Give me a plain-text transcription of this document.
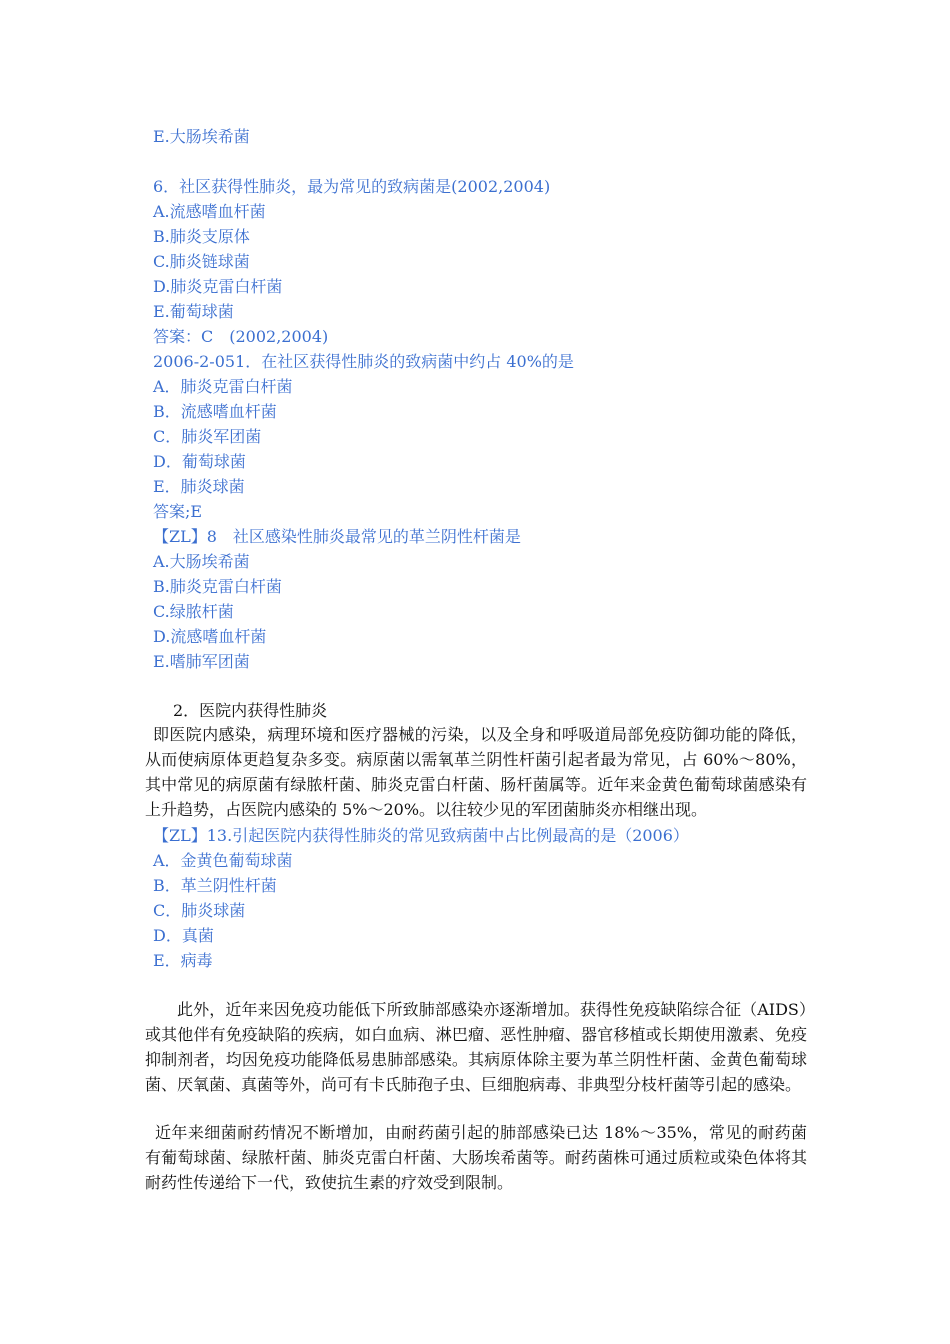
E.大肠埃希菌
6．社区获得性肺炎，最为常见的致病菌是(2002,2004)
A.流感嗜血杆菌
B.肺炎支原体
C.肺炎链球菌
D.肺炎克雷白杆菌
E.葡萄球菌
答案：C　(2002,2004)
2006-2-051．在社区获得性肺炎的致病菌中约占 40%的是
A．肺炎克雷白杆菌
B．流感嗜血杆菌
C．肺炎军团菌
D．葡萄球菌
E．肺炎球菌
答案;E
【ZL】8　社区感染性肺炎最常见的革兰阴性杆菌是
A.大肠埃希菌
B.肺炎克雷白杆菌
C.绿脓杆菌
D.流感嗜血杆菌
E.嗜肺军团菌
2．医院内获得性肺炎
即医院内感染，病理环境和医疗器械的污染，以及全身和呼吸道局部免疫防御功能的降低，从而使病原体更趋复杂多变。病原菌以需氧革兰阴性杆菌引起者最为常见，占 60%～80%，其中常见的病原菌有绿脓杆菌、肺炎克雷白杆菌、肠杆菌属等。近年来金黄色葡萄球菌感染有上升趋势，占医院内感染的 5%～20%。以往较少见的军团菌肺炎亦相继出现。
【ZL】13.引起医院内获得性肺炎的常见致病菌中占比例最高的是（2006）
A．金黄色葡萄球菌
B．革兰阴性杆菌
C．肺炎球菌
D．真菌
E．病毒
此外，近年来因免疫功能低下所致肺部感染亦逐渐增加。获得性免疫缺陷综合征（AIDS）或其他伴有免疫缺陷的疾病，如白血病、淋巴瘤、恶性肿瘤、器官移植或长期使用激素、免疫抑制剂者，均因免疫功能降低易患肺部感染。其病原体除主要为革兰阴性杆菌、金黄色葡萄球菌、厌氧菌、真菌等外，尚可有卡氏肺孢子虫、巨细胞病毒、非典型分枝杆菌等引起的感染。
近年来细菌耐药情况不断增加，由耐药菌引起的肺部感染已达 18%～35%，常见的耐药菌有葡萄球菌、绿脓杆菌、肺炎克雷白杆菌、大肠埃希菌等。耐药菌株可通过质粒或染色体将其耐药性传递给下一代，致使抗生素的疗效受到限制。
